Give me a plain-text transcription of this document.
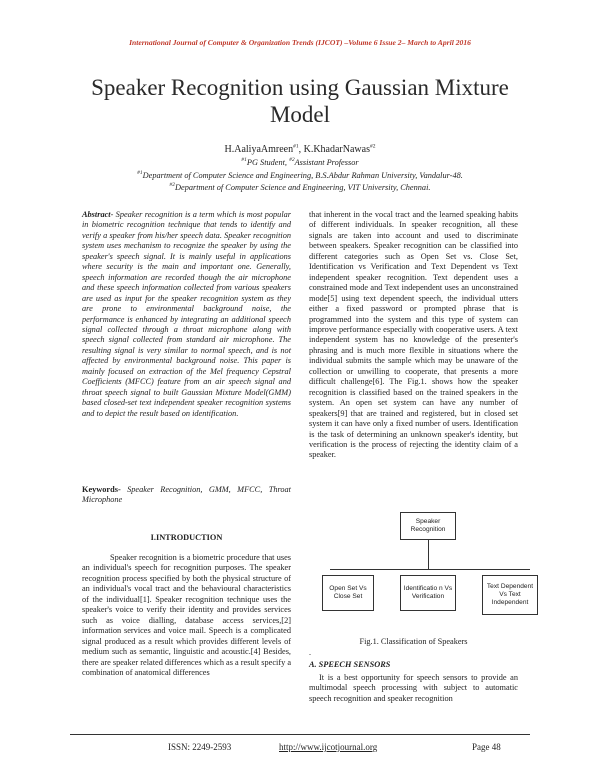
International Journal of Computer & Organization Trends (IJCOT) –Volume 6 Issue 2– March to April 2016
Speaker Recognition using Gaussian Mixture
Model
H.AaliyaAmreen$^{\#1}$, K.KhadarNawas$^{\#2}$
$^{\#1}$PG Student, $^{\#2}$Assistant Professor
$^{\#1}$Department of Computer Science and Engineering, B.S.Abdur Rahman University, Vandalur-48.
$^{\#2}$Department of Computer Science and Engineering, VIT University, Chennai.
Abstract- Speaker recognition is a term which is most popular in biometric recognition technique that tends to identify and verify a speaker from his/her speech data. Speaker recognition system uses mechanism to recognize the speaker by using the speaker's speech signal. It is mainly useful in applications where security is the main and important one. Generally, speech information are recorded though the air microphone and these speech information collected from various speakers are used as input for the speaker recognition system as they are prone to environmental background noise, the performance is enhanced by integrating an additional speech signal collected through a throat microphone along with speech signal collected from standard air microphone. The resulting signal is very similar to normal speech, and is not affected by environmental background noise. This paper is mainly focused on extraction of the Mel frequency Cepstral Coefficients (MFCC) feature from an air speech signal and throat speech signal to built Gaussian Mixture Model(GMM) based closed-set text independent speaker recognition systems and to depict the result based on identification.
Keywords- Speaker Recognition, GMM, MFCC, Throat Microphone
I.INTRODUCTION
Speaker recognition is a biometric procedure that uses an individual's speech for recognition purposes. The speaker recognition process specified by both the physical structure of an individual's vocal tract and the behavioural characteristics of the individual[1]. Speaker recognition technique uses the speaker's voice to verify their identity and provides services such as voice dialling, database access services,[2] information services and voice mail. Speech is a complicated signal produced as a result which provides different levels of medium such as semantic, linguistic and acoustic.[4] Besides, there are speaker related differences which as a result specify a combination of anatomical differences
that inherent in the vocal tract and the learned speaking habits of different individuals. In speaker recognition, all these signals are taken into account and used to discriminate between speakers. Speaker recognition can be classified into different categories such as Open Set vs. Close Set, Identification vs Verification and Text Dependent vs Text independent speaker recognition. Text dependent uses a constrained mode and Text independent uses an unconstrained mode[5] using text dependent speech, the individual utters either a fixed password or prompted phrase that is programmed into the system and this type of system can improve performance especially with cooperative users. A text independent system has no knowledge of the presenter's phrasing and is much more flexible in situations where the individual submits the sample which may be unaware of the collection or unwilling to cooperate, that presents a more difficult challenge[6]. The Fig.1. shows how the speaker recognition is classified based on the trained speakers in the system. An open set system can have any number of speakers[9] that are trained and registered, but in closed set system it can have only a fixed number of users. Identification is the task of determining an unknown speaker's identity, but verification is the process of rejecting the identity claim of a speaker.
Speaker Recognition
Open Set Vs Close Set
Identificatio n Vs Verification
Text Dependent Vs Text Independent
Fig.1. Classification of Speakers
.
A. SPEECH SENSORS
It is a best opportunity for speech sensors to provide an multimodal speech processing with subject to automatic speech recognition and speaker recognition
ISSN: 2249-2593	http://www.ijcotjournal.org	Page 48
